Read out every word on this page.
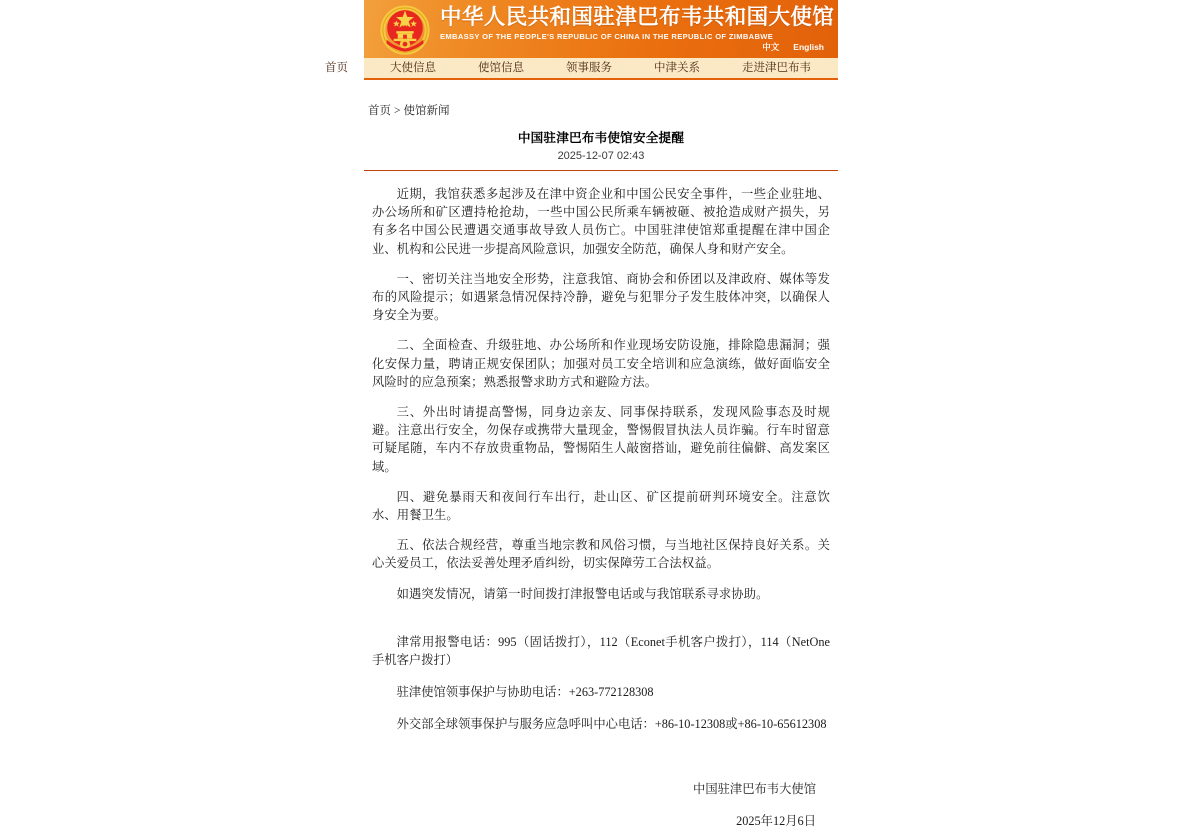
中华人民共和国驻津巴布韦共和国大使馆
EMBASSY OF THE PEOPLE'S REPUBLIC OF CHINA IN THE REPUBLIC OF ZIMBABWE
中文 English
首页	大使信息	使馆信息	领事服务	中津关系	走进津巴布韦
首页 > 使馆新闻
中国驻津巴布韦使馆安全提醒
2025-12-07 02:43

近期，我馆获悉多起涉及在津中资企业和中国公民安全事件，一些企业驻地、办公场所和矿区遭持枪抢劫，一些中国公民所乘车辆被砸、被抢造成财产损失，另有多名中国公民遭遇交通事故导致人员伤亡。中国驻津使馆郑重提醒在津中国企业、机构和公民进一步提高风险意识，加强安全防范，确保人身和财产安全。

一、密切关注当地安全形势，注意我馆、商协会和侨团以及津政府、媒体等发布的风险提示；如遇紧急情况保持冷静，避免与犯罪分子发生肢体冲突，以确保人身安全为要。

二、全面检查、升级驻地、办公场所和作业现场安防设施，排除隐患漏洞；强化安保力量，聘请正规安保团队；加强对员工安全培训和应急演练，做好面临安全风险时的应急预案；熟悉报警求助方式和避险方法。

三、外出时请提高警惕，同身边亲友、同事保持联系，发现风险事态及时规避。注意出行安全，勿保存或携带大量现金，警惕假冒执法人员诈骗。行车时留意可疑尾随，车内不存放贵重物品，警惕陌生人敲窗搭讪，避免前往偏僻、高发案区域。

四、避免暴雨天和夜间行车出行，赴山区、矿区提前研判环境安全。注意饮水、用餐卫生。

五、依法合规经营，尊重当地宗教和风俗习惯，与当地社区保持良好关系。关心关爱员工，依法妥善处理矛盾纠纷，切实保障劳工合法权益。

如遇突发情况，请第一时间拨打津报警电话或与我馆联系寻求协助。

津常用报警电话：995（固话拨打），112（Econet手机客户拨打），114（NetOne手机客户拨打）

驻津使馆领事保护与协助电话：+263-772128308

外交部全球领事保护与服务应急呼叫中心电话：+86-10-12308或+86-10-65612308

中国驻津巴布韦大使馆
2025年12月6日
